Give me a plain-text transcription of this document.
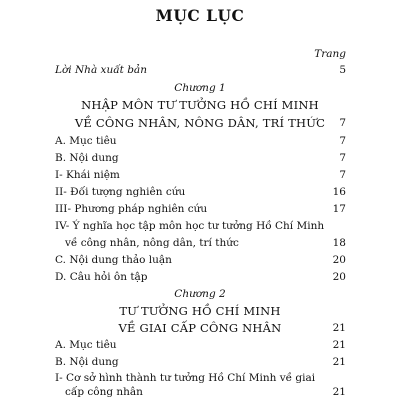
MỤC LỤC
Trang
Lời Nhà xuất bản	5
Chương 1
NHẬP MÔN TƯ TƯỞNG HỒ CHÍ MINH
VỀ CÔNG NHÂN, NÔNG DÂN, TRÍ THỨC	7
A. Mục tiêu	7
B. Nội dung	7
I- Khái niệm	7
II- Đối tượng nghiên cứu	16
III- Phương pháp nghiên cứu	17
IV- Ý nghĩa học tập môn học tư tưởng Hồ Chí Minh
về công nhân, nông dân, trí thức	18
C. Nội dung thảo luận	20
D. Câu hỏi ôn tập	20
Chương 2
TƯ TƯỞNG HỒ CHÍ MINH
VỀ GIAI CẤP CÔNG NHÂN	21
A. Mục tiêu	21
B. Nội dung	21
I- Cơ sở hình thành tư tưởng Hồ Chí Minh về giai
cấp công nhân	21
